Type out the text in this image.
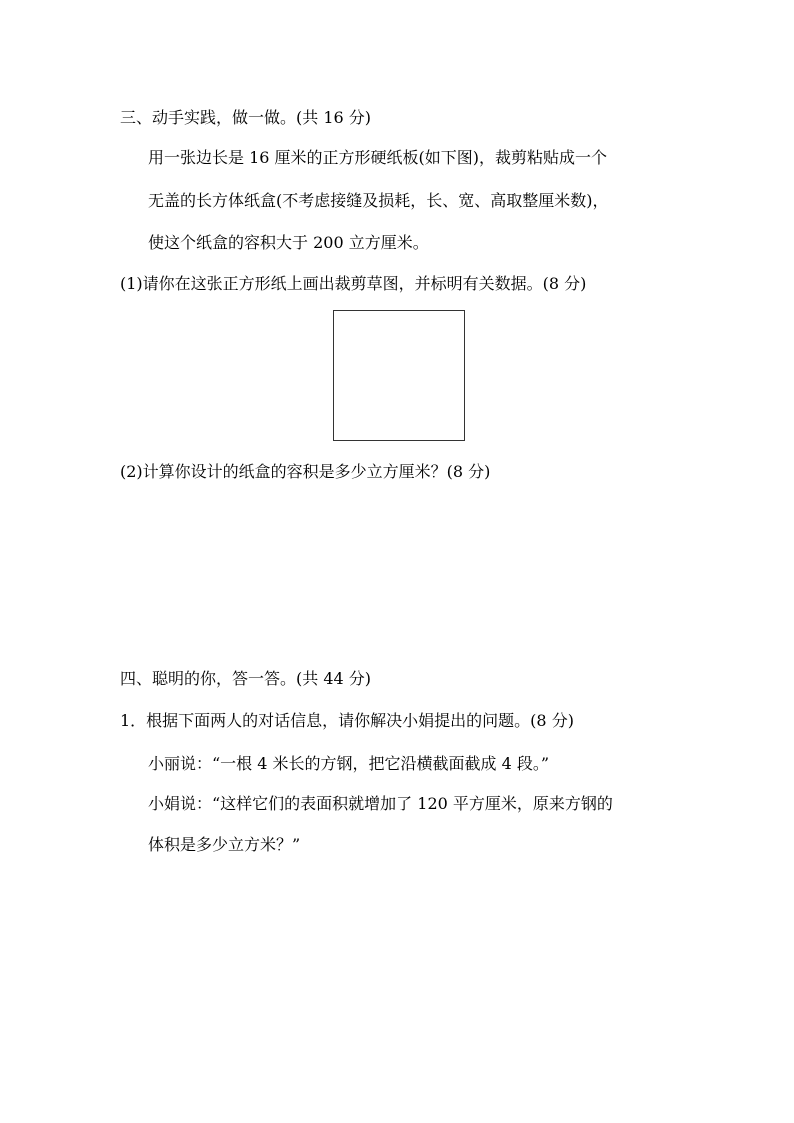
三、动手实践，做一做。(共 16 分)
用一张边长是 16 厘米的正方形硬纸板(如下图)，裁剪粘贴成一个
无盖的长方体纸盒(不考虑接缝及损耗，长、宽、高取整厘米数)，
使这个纸盒的容积大于 200 立方厘米。
(1)请你在这张正方形纸上画出裁剪草图，并标明有关数据。(8 分)
(2)计算你设计的纸盒的容积是多少立方厘米？(8 分)
四、聪明的你，答一答。(共 44 分)
1．根据下面两人的对话信息，请你解决小娟提出的问题。(8 分)
小丽说：“一根 4 米长的方钢，把它沿横截面截成 4 段。”
小娟说：“这样它们的表面积就增加了 120 平方厘米，原来方钢的
体积是多少立方米？”
